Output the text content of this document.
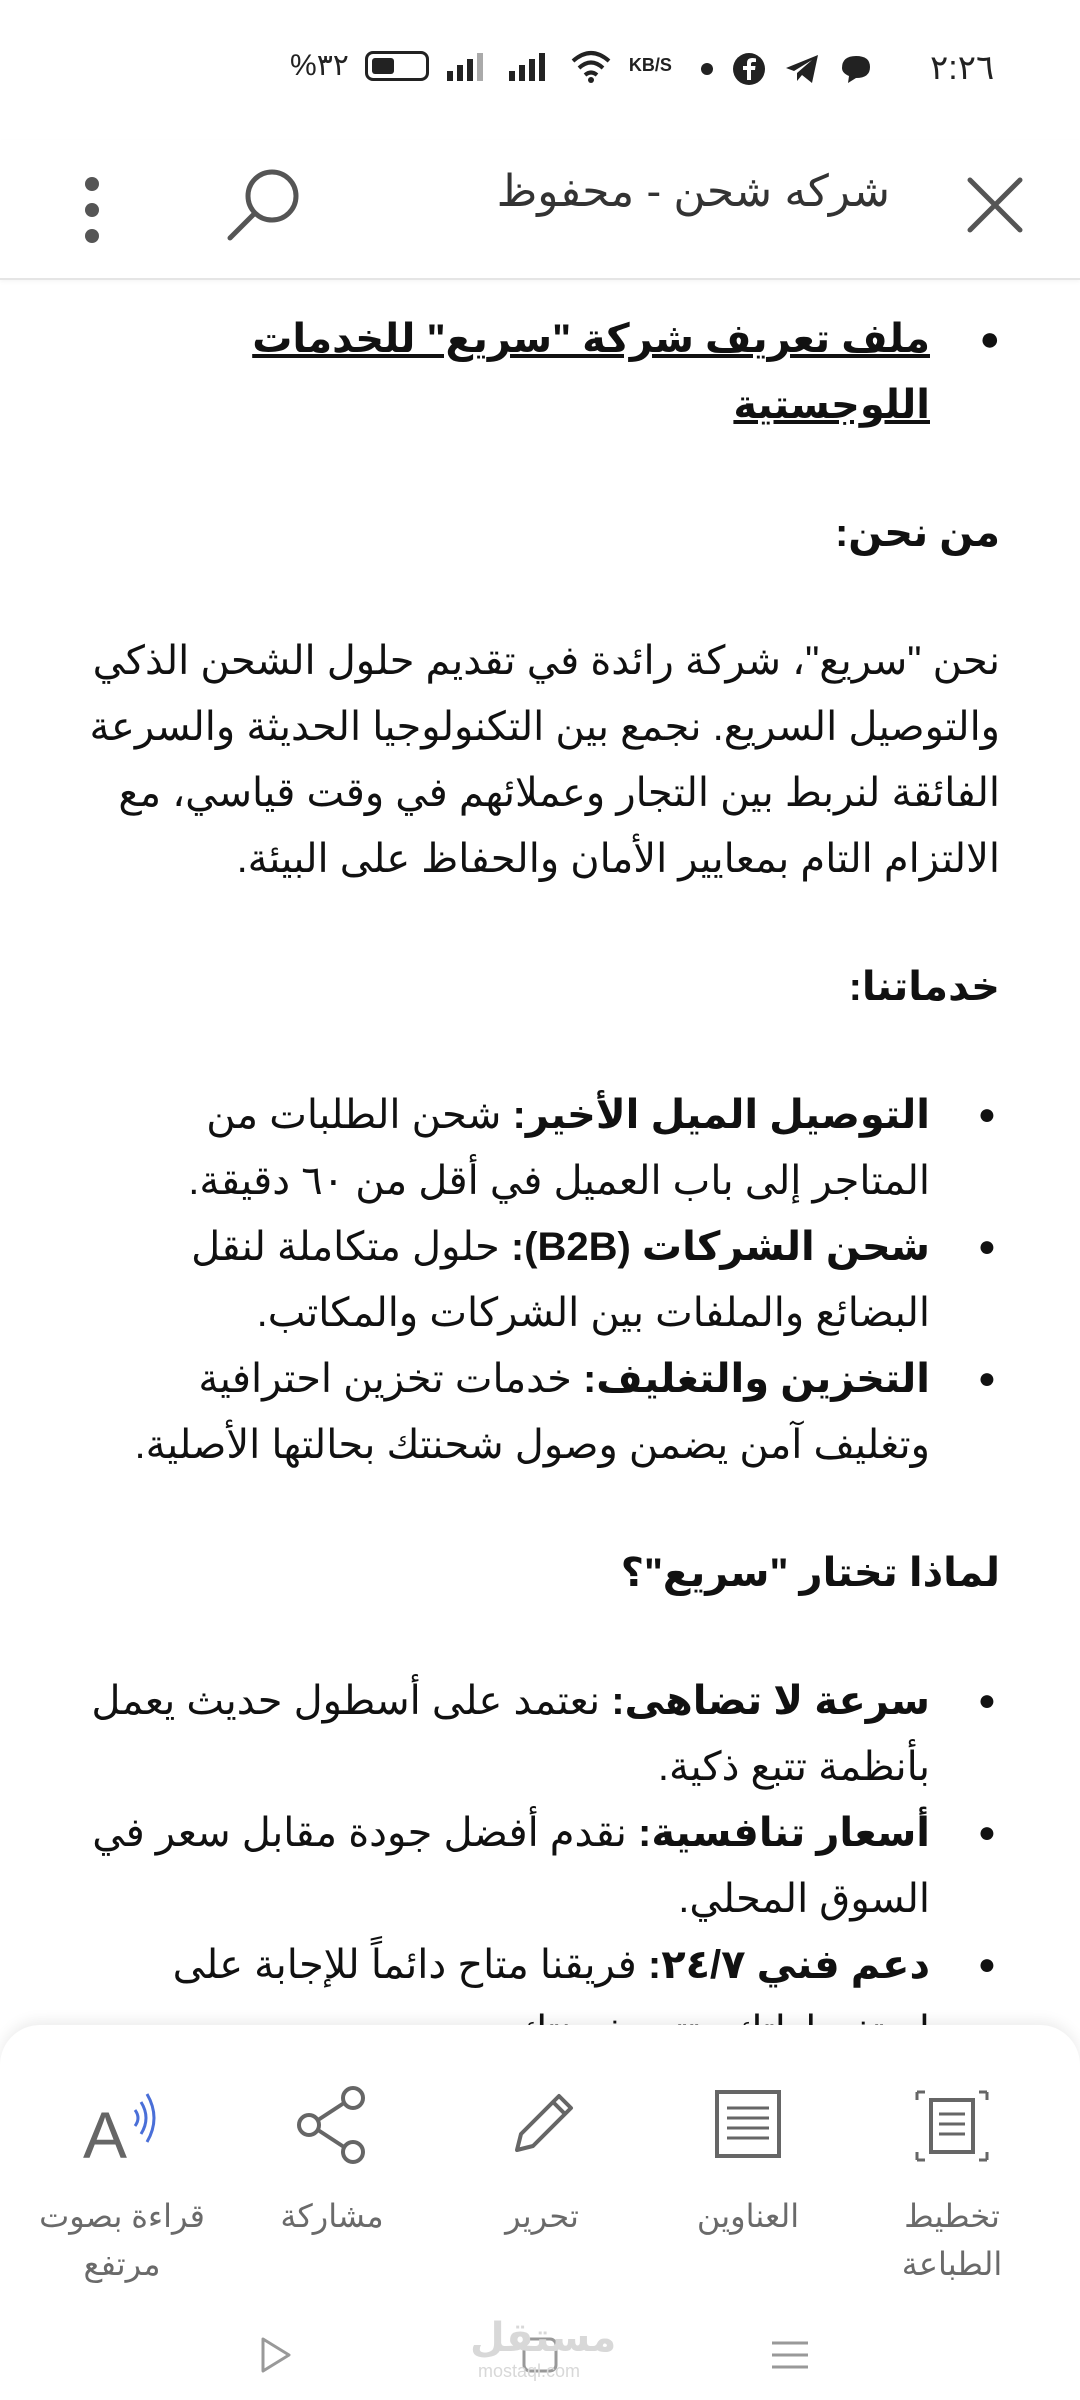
%٣٢	KB/S	٢:٢٦
شركه شحن - محفوظ
●
ملف تعريف شركة "سريع" للخدمات اللوجستية
من نحن:
نحن "سريع"، شركة رائدة في تقديم حلول الشحن الذكي والتوصيل السريع. نجمع بين التكنولوجيا الحديثة والسرعة الفائقة لنربط بين التجار وعملائهم في وقت قياسي، مع الالتزام التام بمعايير الأمان والحفاظ على البيئة.
خدماتنا:
●
التوصيل الميل الأخير: شحن الطلبات من المتاجر إلى باب العميل في أقل من ٦٠ دقيقة.
●
شحن الشركات (B2B): حلول متكاملة لنقل البضائع والملفات بين الشركات والمكاتب.
●
التخزين والتغليف: خدمات تخزين احترافية وتغليف آمن يضمن وصول شحنتك بحالتها الأصلية.
لماذا تختار "سريع"؟
●
سرعة لا تضاهى: نعتمد على أسطول حديث يعمل بأنظمة تتبع ذكية.
●
أسعار تنافسية: نقدم أفضل جودة مقابل سعر في السوق المحلي.
●
دعم فني ٢٤/٧: فريقنا متاح دائماً للإجابة على
A
قراءة بصوت مرتفع
مشاركة	تحرير	العناوين	تخطيط الطباعة
مستقل
mostaql.com
